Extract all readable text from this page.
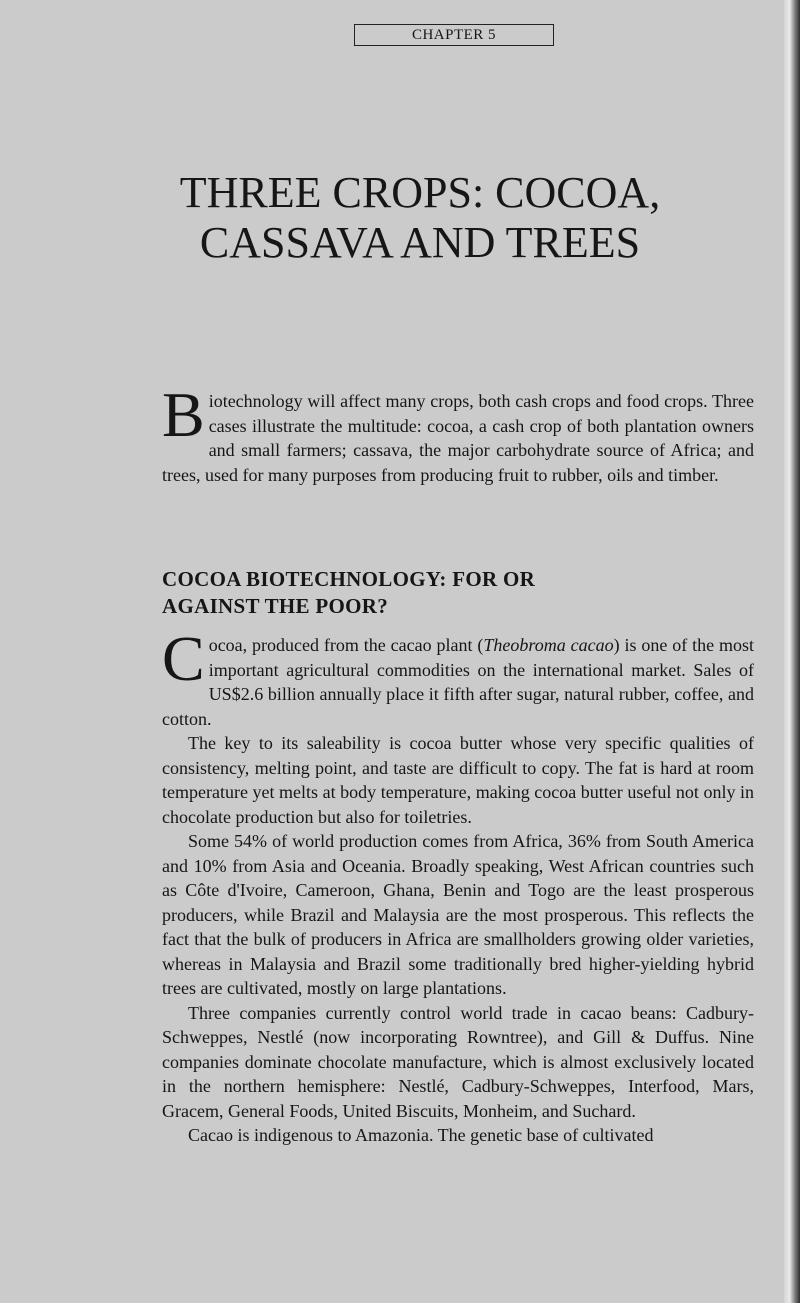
CHAPTER 5
THREE CROPS: COCOA,
CASSAVA AND TREES

Biotechnology will affect many crops, both cash crops and food crops. Three cases illustrate the multitude: cocoa, a cash crop of both plantation owners and small farmers; cassava, the major carbohydrate source of Africa; and trees, used for many purposes from producing fruit to rubber, oils and timber.

COCOA BIOTECHNOLOGY: FOR OR
AGAINST THE POOR?

Cocoa, produced from the cacao plant (Theobroma cacao) is one of the most important agricultural commodities on the international market. Sales of US$2.6 billion annually place it fifth after sugar, natural rubber, coffee, and cotton.

The key to its saleability is cocoa butter whose very specific qualities of consistency, melting point, and taste are difficult to copy. The fat is hard at room temperature yet melts at body temperature, making cocoa butter useful not only in chocolate production but also for toiletries.

Some 54% of world production comes from Africa, 36% from South America and 10% from Asia and Oceania. Broadly speaking, West African countries such as Côte d'Ivoire, Cameroon, Ghana, Benin and Togo are the least prosperous producers, while Brazil and Malaysia are the most prosperous. This reflects the fact that the bulk of producers in Africa are smallholders growing older varieties, whereas in Malaysia and Brazil some traditionally bred higher-yielding hybrid trees are cultivated, mostly on large plantations.

Three companies currently control world trade in cacao beans: Cadbury-Schweppes, Nestlé (now incorporating Rowntree), and Gill & Duffus. Nine companies dominate chocolate manufacture, which is almost exclusively located in the northern hemisphere: Nestlé, Cadbury-Schweppes, Interfood, Mars, Gracem, General Foods, United Biscuits, Monheim, and Suchard.

Cacao is indigenous to Amazonia. The genetic base of cultivated
